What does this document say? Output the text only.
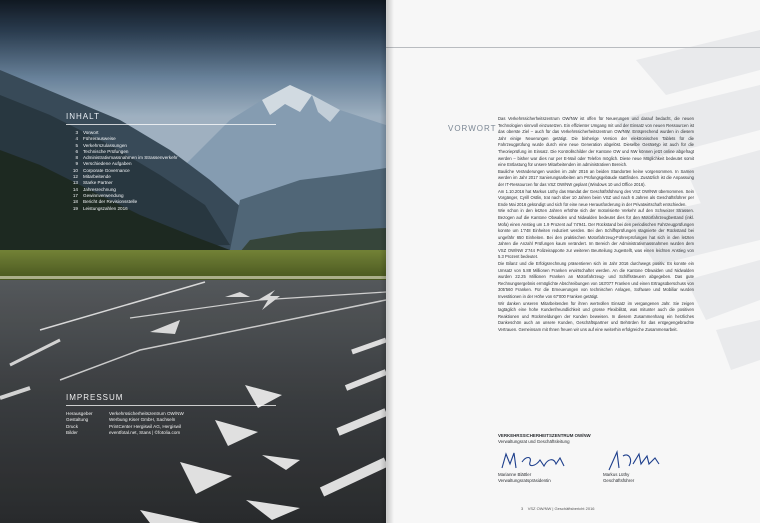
INHALT
3	Vorwort
4	Führerausweise
5	Verkehrszulassungen
6	Technische Prüfungen
8	Administrativmassnahmen im Strassenverkehr
9	Verschiedene Aufgaben
10	Corporate Governance
12	Mitarbeitende
13	Starke Partner
14	Jahresrechnung
17	Gewinnverwendung
18	Bericht der Revisionsstelle
19	Leistungszahlen 2016
IMPRESSUM
Herausgeber	Verkehrssicherheitszentrum OW/NW
Gestaltung	Werbung Kiser GmbH, Sachseln
Druck	PrintCenter Hergiswil AG, Hergiswil
Bilder	eventfotal.net, Stans | ©fotolia.com
VORWORT

Das Verkehrssicherheitszentrum OW/NW ist offen für Neuerungen und darauf bedacht, die neuen Technologien sinnvoll einzusetzen. Ein effizienter Umgang mit und der Einsatz von neuen Ressourcen ist das oberste Ziel – auch für das Verkehrssicherheitszentrum OW/NW. Entsprechend wurden in diesem Jahr einige Neuerungen getätigt. Die bisherige Version der elektronischen Tablets für die Fahrzeugprüfung wurde durch eine neue Generation abgelöst. Dieselbe Gerätetyp ist auch für die Theorieprüfung im Einsatz. Die Kontrollschilder der Kantone OW und NW können jetzt online abgefragt werden – bisher war dies nur per E-Mail oder Telefon möglich. Diese neue Möglichkeit bedeutet somit eine Entlastung für unsere Mitarbeitenden im administrativen Bereich.

Bauliche Veränderungen wurden im Jahr 2016 an beiden Standorten keine vorgenommen. In Sarnen werden im Jahr 2017 Sanierungsarbeiten am Prüfungsgebäude stattfinden. Zusätzlich ist die Anpassung der IT-Ressourcen für das VSZ OW/NW geplant (Windows 10 und Office 2016).

Am 1.10.2016 hat Markus Lüthy das Mandat der Geschäftsführung des VSZ OW/NW übernommen. Sein Vorgänger, Cyrill Ostlin, trat nach über 10 Jahren beim VSZ und nach 6 Jahren als Geschäftsführer per Ende Mai 2016 gekündigt und sich für eine neue Herausforderung in der Privatwirtschaft entschieden.

Wie schon in den letzten Jahren erhöhte sich der motorisierte Verkehr auf den Schweizer Strassen. Bezogen auf die Kantone Obwalden und Nidwalden bedeutet dies für den Motorfahrzeugbestand (inkl. Mofa) einen Anstieg um 1.9 Prozent auf 74'941. Der Rückstand bei den periodischen Fahrzeugprüfungen konnte um 1'748 Einheiten reduziert werden. Bei den Schiffsprüfungen stagnierte der Rückstand bei ungefähr 650 Einheiten. Bei den praktischen Motorfahrzeug-Führerprüfungen hat sich in den letzten Jahren die Anzahl Prüfungen kaum verändert. Im Bereich der Administrativmassnahmen wurden dem VSZ OW/NW 2'744 Polizeirapporte zur weiteren Beurteilung zugestellt, was einen leichten Anstieg von 5.3 Prozent bedeutet.

Die Bilanz und die Erfolgsrechnung präsentieren sich im Jahr 2016 durchwegs positiv. Es konnte ein Umsatz von 5.88 Millionen Franken erwirtschaftet werden. An die Kantone Obwalden und Nidwalden wurden 22.25 Millionen Franken an Motorfahrzeug- und Schiffssteuern abgegeben. Das gute Rechnungsergebnis ermöglichte Abschreibungen von 163'077 Franken und einen Ertragsüberschuss von 305'560 Franken. Für die Erneuerungen von technischen Anlagen, Software und Mobiliar wurden Investitionen in der Höhe von 67'000 Franken getätigt.

Wir danken unseren Mitarbeitenden für ihren wertvollen Einsatz im vergangenen Jahr. Sie zeigen tagtäglich eine hohe Kundenfreundlichkeit und grosse Flexibilität, was mitunter auch die positiven Reaktionen und Rückmeldungen der Kunden beweisen. In diesem Zusammenhang ein herzliches Dankeschön auch an unsere Kunden, Geschäftspartner und Behörden für das entgegengebrachte Vertrauen. Gemeinsam mit Ihnen freuen wir uns auf eine weiterhin erfolgreiche Zusammenarbeit.

VERKEHRSSICHERHEITSZENTRUM OW/NW
Verwaltungsrat und Geschäftsleitung
Marianne Blättler
Verwaltungsratspräsidentin
Markus Lüthy
Geschäftsführer
3 VSZ OW/NW | Geschäftsbericht 2016
